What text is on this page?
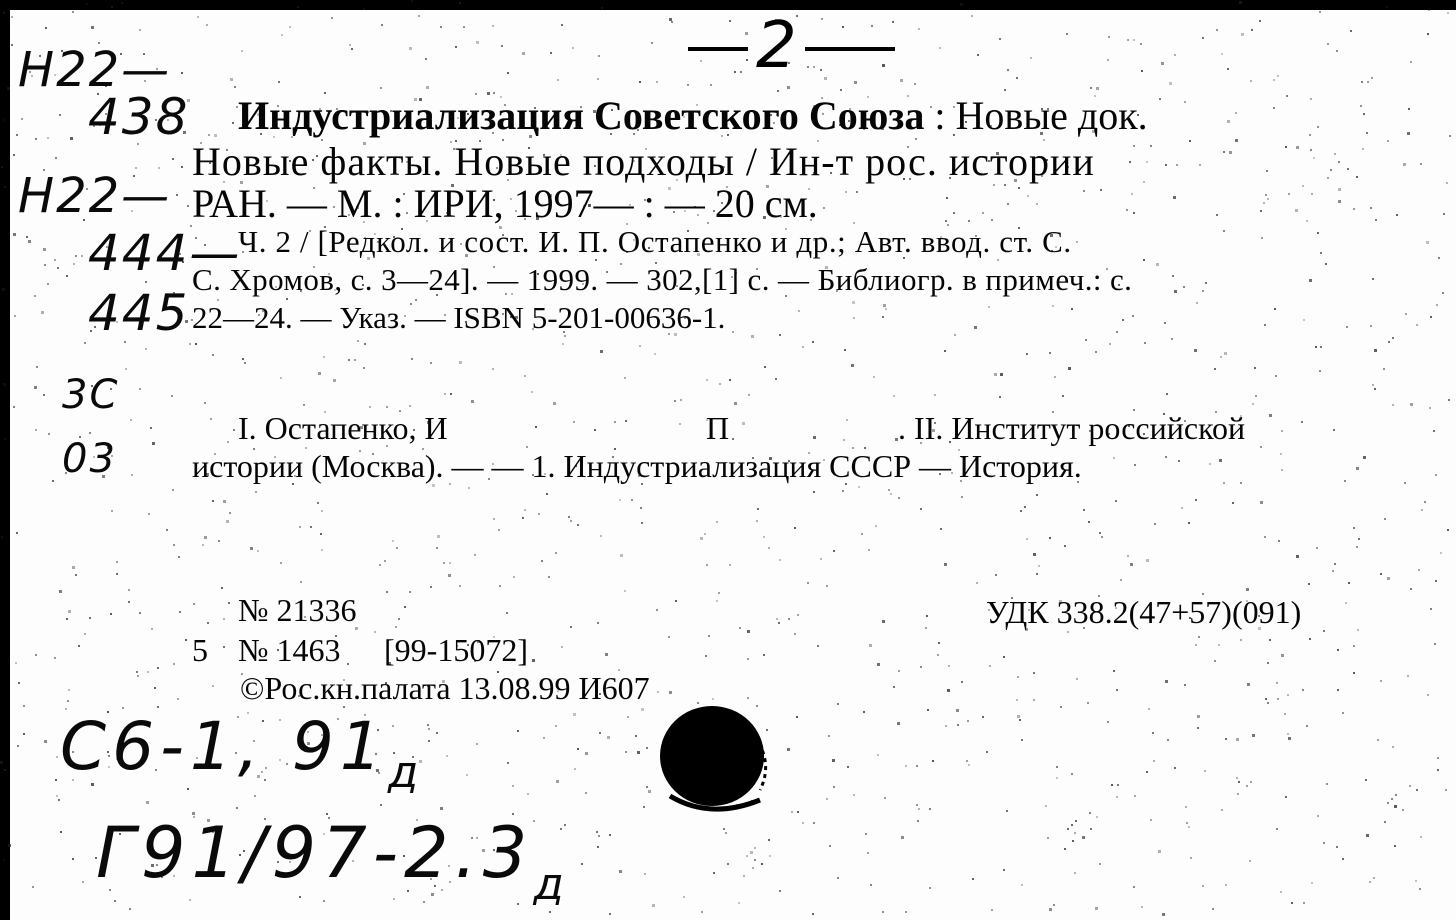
2
Н22—
438
Н22—
444—
445
3С
03
Индустриализация Советского Союза : Новые док.
Новые факты. Новые подходы / Ин-т рос. истории
РАН. — М. : ИРИ, 1997— : — 20 см.
Ч. 2 / [Редкол. и сост. И. П. Остапенко и др.; Авт. ввод. ст. С.
С. Хромов, с. 3—24]. — 1999. — 302,[1] с. — Библиогр. в примеч.: с.
22—24. — Указ. — ISBN 5-201-00636-1.
I. Остапенко, И	П	. II. Институт российской
истории (Москва). — — 1. Индустриализация СССР — История.
№ 21336
5 № 1463 [99-15072]
©Рос.кн.палата 13.08.99 И607
УДК 338.2(47+57)(091)
С6-1, $91_д$
$Г91/97-2.3_д$
